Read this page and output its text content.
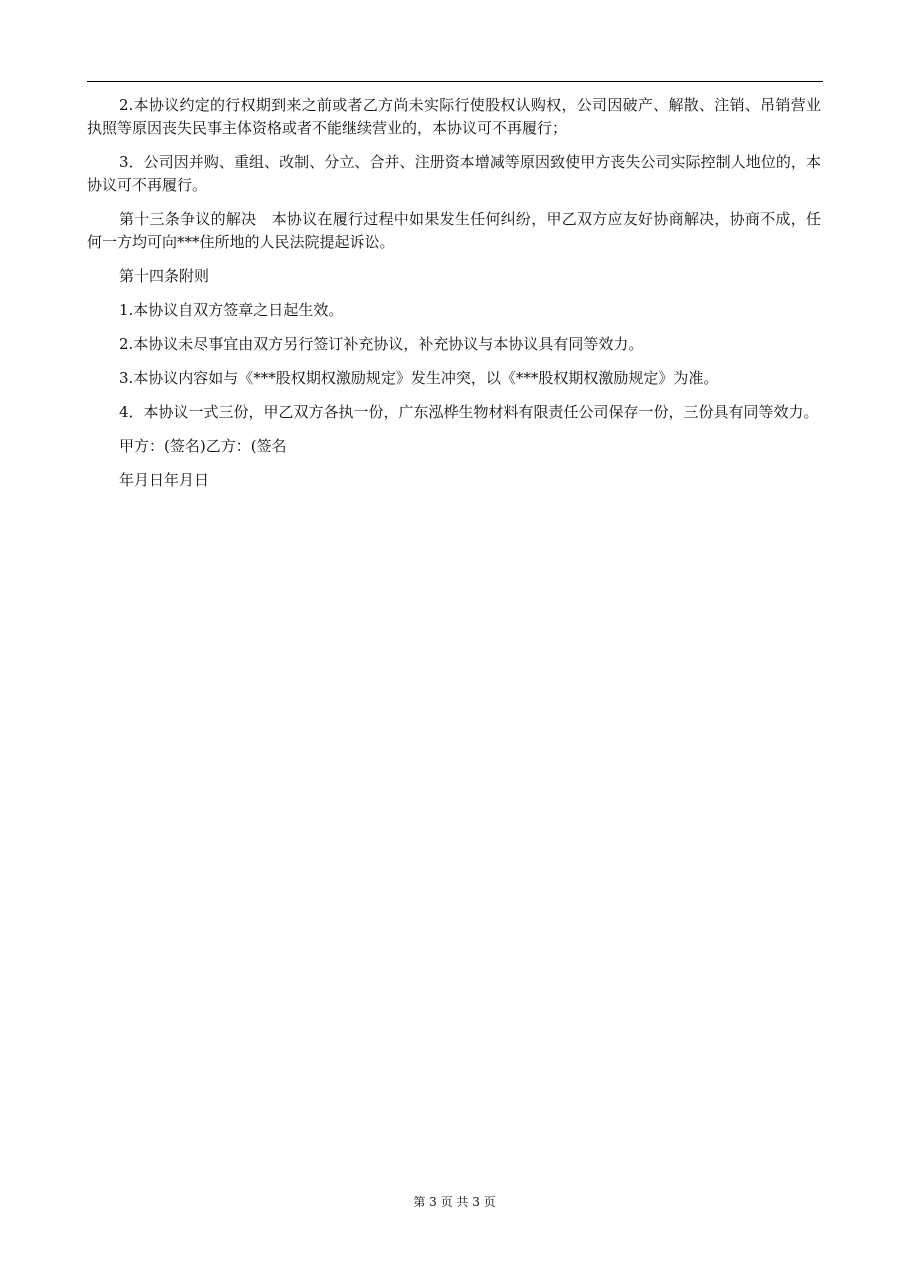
2.本协议约定的行权期到来之前或者乙方尚未实际行使股权认购权，公司因破产、解散、注销、吊销营业执照等原因丧失民事主体资格或者不能继续营业的，本协议可不再履行；

3．公司因并购、重组、改制、分立、合并、注册资本增减等原因致使甲方丧失公司实际控制人地位的，本协议可不再履行。

第十三条争议的解决　本协议在履行过程中如果发生任何纠纷，甲乙双方应友好协商解决，协商不成，任何一方均可向***住所地的人民法院提起诉讼。

第十四条附则

1.本协议自双方签章之日起生效。

2.本协议未尽事宜由双方另行签订补充协议，补充协议与本协议具有同等效力。

3.本协议内容如与《***股权期权激励规定》发生冲突，以《***股权期权激励规定》为准。

4．本协议一式三份，甲乙双方各执一份，广东泓桦生物材料有限责任公司保存一份，三份具有同等效力。

甲方：(签名)乙方：(签名

年月日年月日

第 3 页 共 3 页
